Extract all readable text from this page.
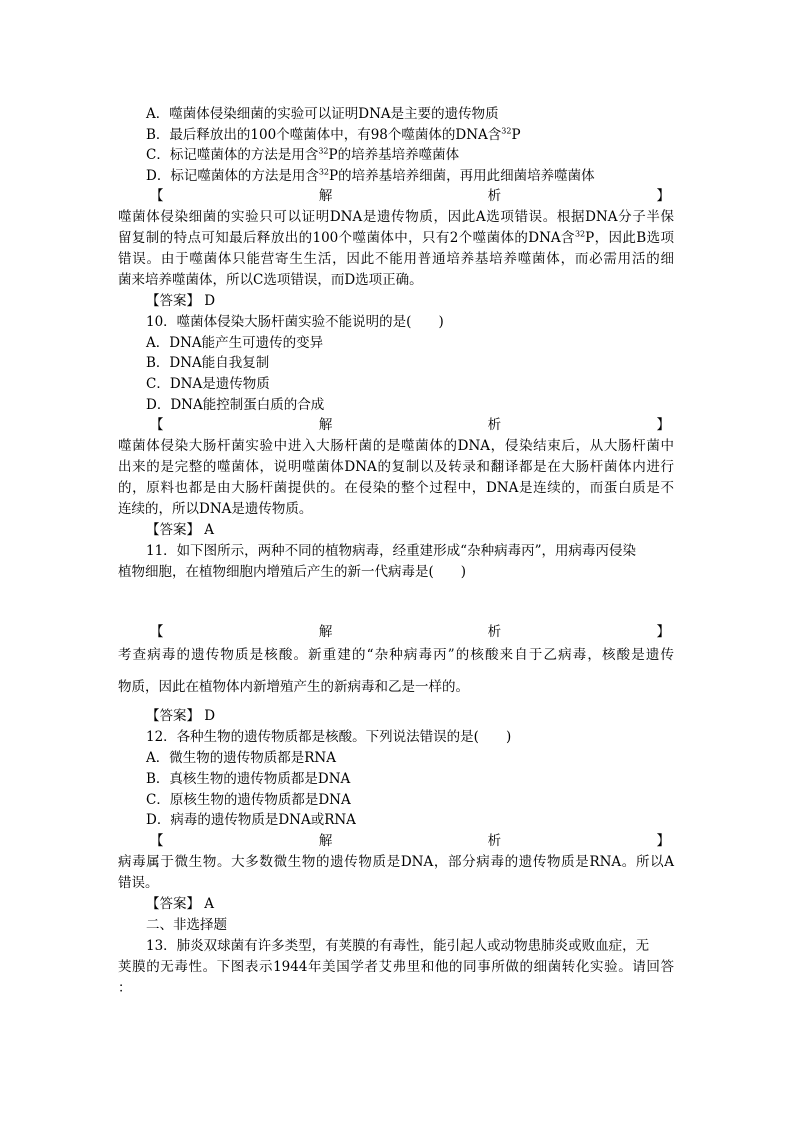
A．噬菌体侵染细菌的实验可以证明DNA是主要的遗传物质
B．最后释放出的100个噬菌体中，有98个噬菌体的DNA含$^{32}$P
C．标记噬菌体的方法是用含$^{32}$P的培养基培养噬菌体
D．标记噬菌体的方法是用含$^{32}$P的培养基培养细菌，再用此细菌培养噬菌体
【	解	析	】
噬菌体侵染细菌的实验只可以证明DNA是遗传物质，因此A选项错误。根据DNA分子半保
留复制的特点可知最后释放出的100个噬菌体中，只有2个噬菌体的DNA含$^{32}$P，因此B选项
错误。由于噬菌体只能营寄生生活，因此不能用普通培养基培养噬菌体，而必需用活的细
菌来培养噬菌体，所以C选项错误，而D选项正确。
【答案】 D
10．噬菌体侵染大肠杆菌实验不能说明的是(　　)
A．DNA能产生可遗传的变异
B．DNA能自我复制
C．DNA是遗传物质
D．DNA能控制蛋白质的合成
【	解	析	】
噬菌体侵染大肠杆菌实验中进入大肠杆菌的是噬菌体的DNA，侵染结束后，从大肠杆菌中
出来的是完整的噬菌体，说明噬菌体DNA的复制以及转录和翻译都是在大肠杆菌体内进行
的，原料也都是由大肠杆菌提供的。在侵染的整个过程中，DNA是连续的，而蛋白质是不
连续的，所以DNA是遗传物质。
【答案】 A
11．如下图所示，两种不同的植物病毒，经重建形成“杂种病毒丙”，用病毒丙侵染
植物细胞，在植物细胞内增殖后产生的新一代病毒是(　　)
【	解	析	】
考查病毒的遗传物质是核酸。新重建的“杂种病毒丙”的核酸来自于乙病毒，核酸是遗传
物质，因此在植物体内新增殖产生的新病毒和乙是一样的。
【答案】 D
12．各种生物的遗传物质都是核酸。下列说法错误的是(　　)
A．微生物的遗传物质都是RNA
B．真核生物的遗传物质都是DNA
C．原核生物的遗传物质都是DNA
D．病毒的遗传物质是DNA或RNA
【	解	析	】
病毒属于微生物。大多数微生物的遗传物质是DNA，部分病毒的遗传物质是RNA。所以A
错误。
【答案】 A
二、非选择题
13．肺炎双球菌有许多类型，有荚膜的有毒性，能引起人或动物患肺炎或败血症，无
荚膜的无毒性。下图表示1944年美国学者艾弗里和他的同事所做的细菌转化实验。请回答
：
